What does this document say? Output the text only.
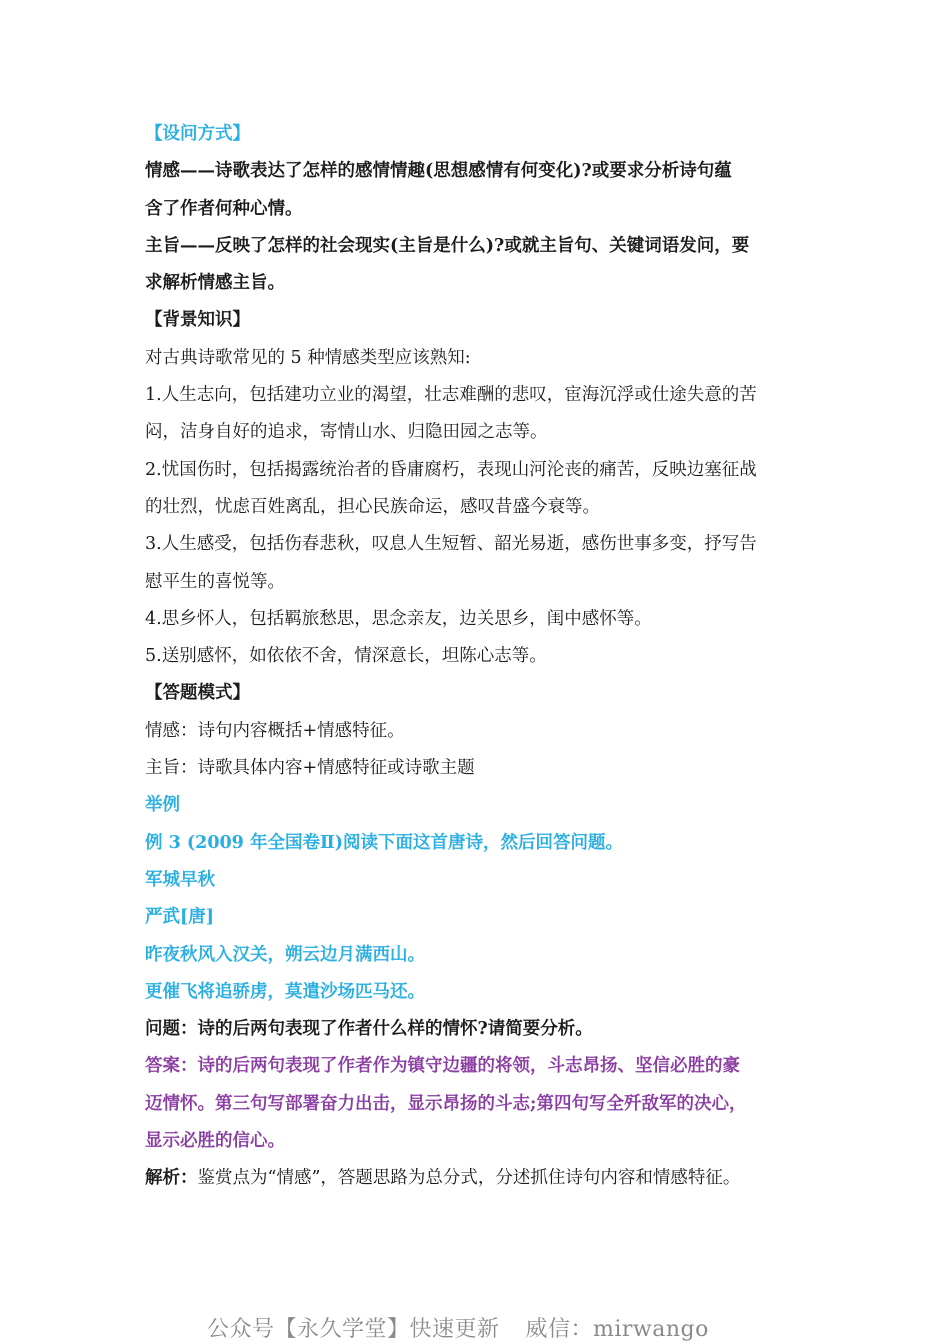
【设问方式】
情感——诗歌表达了怎样的感情情趣(思想感情有何变化)?或要求分析诗句蕴
含了作者何种心情。
主旨——反映了怎样的社会现实(主旨是什么)?或就主旨句、关键词语发问，要
求解析情感主旨。
【背景知识】
对古典诗歌常见的 5 种情感类型应该熟知:
1.人生志向，包括建功立业的渴望，壮志难酬的悲叹，宦海沉浮或仕途失意的苦
闷，洁身自好的追求，寄情山水、归隐田园之志等。
2.忧国伤时，包括揭露统治者的昏庸腐朽，表现山河沦丧的痛苦，反映边塞征战
的壮烈，忧虑百姓离乱，担心民族命运，感叹昔盛今衰等。
3.人生感受，包括伤春悲秋，叹息人生短暂、韶光易逝，感伤世事多变，抒写告
慰平生的喜悦等。
4.思乡怀人，包括羁旅愁思，思念亲友，边关思乡，闺中感怀等。
5.送别感怀，如依依不舍，情深意长，坦陈心志等。
【答题模式】
情感：诗句内容概括+情感特征。
主旨：诗歌具体内容+情感特征或诗歌主题
举例
例 3 (2009 年全国卷Ⅱ)阅读下面这首唐诗，然后回答问题。
军城早秋
严武[唐]
昨夜秋风入汉关，朔云边月满西山。
更催飞将追骄虏，莫遣沙场匹马还。
问题：诗的后两句表现了作者什么样的情怀?请简要分析。
答案：诗的后两句表现了作者作为镇守边疆的将领，斗志昂扬、坚信必胜的豪
迈情怀。第三句写部署奋力出击，显示昂扬的斗志;第四句写全歼敌军的决心，
显示必胜的信心。
解析：鉴赏点为“情感”，答题思路为总分式，分述抓住诗句内容和情感特征。
公众号【永久学堂】快速更新 威信：mirwango
